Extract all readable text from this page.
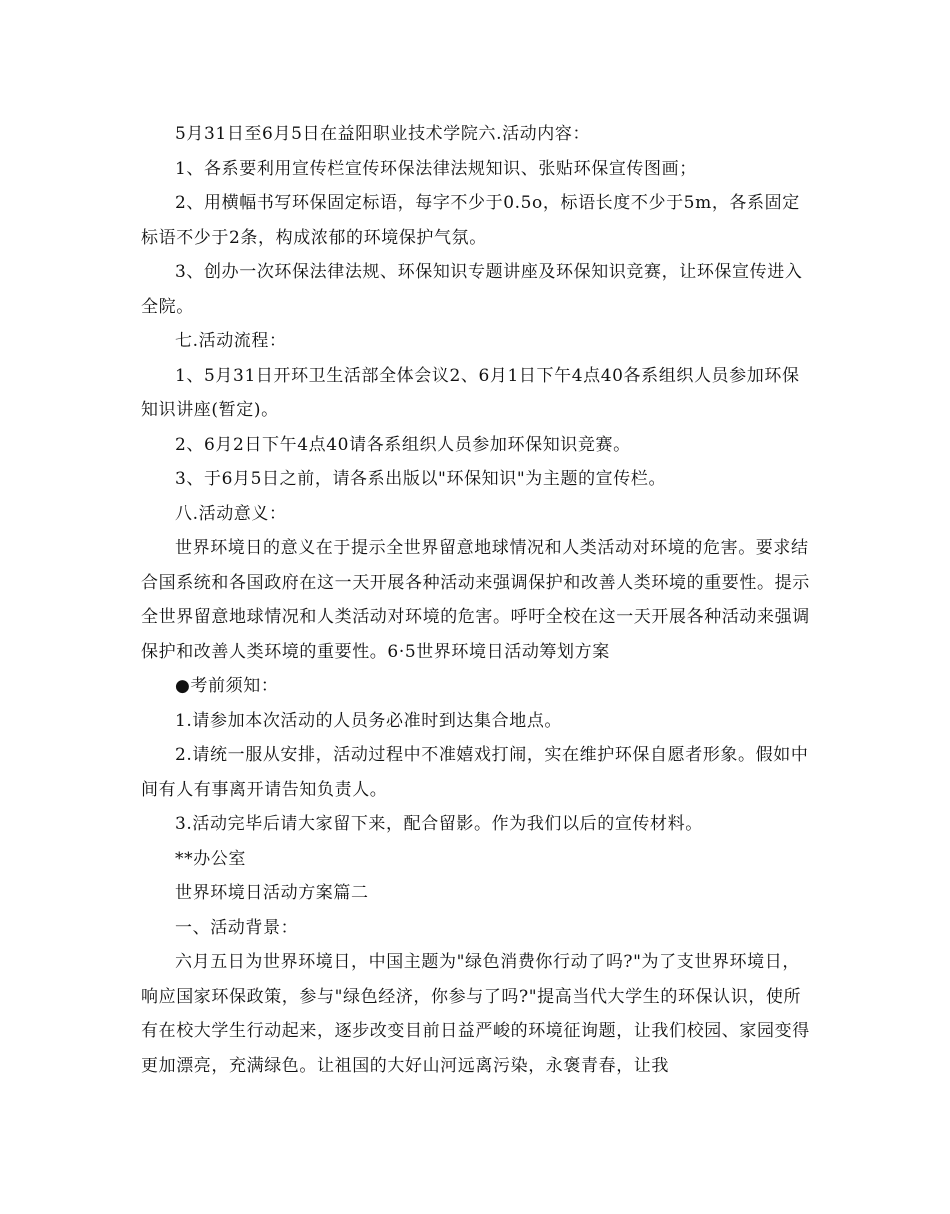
5月31日至6月5日在益阳职业技术学院六.活动内容：

1、各系要利用宣传栏宣传环保法律法规知识、张贴环保宣传图画；

2、用横幅书写环保固定标语，每字不少于0.5o，标语长度不少于5m，各系固定标语不少于2条，构成浓郁的环境保护气氛。

3、创办一次环保法律法规、环保知识专题讲座及环保知识竞赛，让环保宣传进入全院。

七.活动流程：

1、5月31日开环卫生活部全体会议2、6月1日下午4点40各系组织人员参加环保知识讲座(暂定)。

2、6月2日下午4点40请各系组织人员参加环保知识竞赛。

3、于6月5日之前，请各系出版以"环保知识"为主题的宣传栏。

八.活动意义：

世界环境日的意义在于提示全世界留意地球情况和人类活动对环境的危害。要求结合国系统和各国政府在这一天开展各种活动来强调保护和改善人类环境的重要性。提示全世界留意地球情况和人类活动对环境的危害。呼吁全校在这一天开展各种活动来强调保护和改善人类环境的重要性。6·5世界环境日活动筹划方案

●考前须知：

1.请参加本次活动的人员务必准时到达集合地点。

2.请统一服从安排，活动过程中不准嬉戏打闹，实在维护环保自愿者形象。假如中间有人有事离开请告知负责人。

3.活动完毕后请大家留下来，配合留影。作为我们以后的宣传材料。

**办公室

世界环境日活动方案篇二

一、活动背景：

六月五日为世界环境日，中国主题为"绿色消费你行动了吗?"为了支世界环境日，响应国家环保政策，参与"绿色经济，你参与了吗?"提高当代大学生的环保认识，使所有在校大学生行动起来，逐步改变目前日益严峻的环境征询题，让我们校园、家园变得更加漂亮，充满绿色。让祖国的大好山河远离污染，永褒青春，让我
